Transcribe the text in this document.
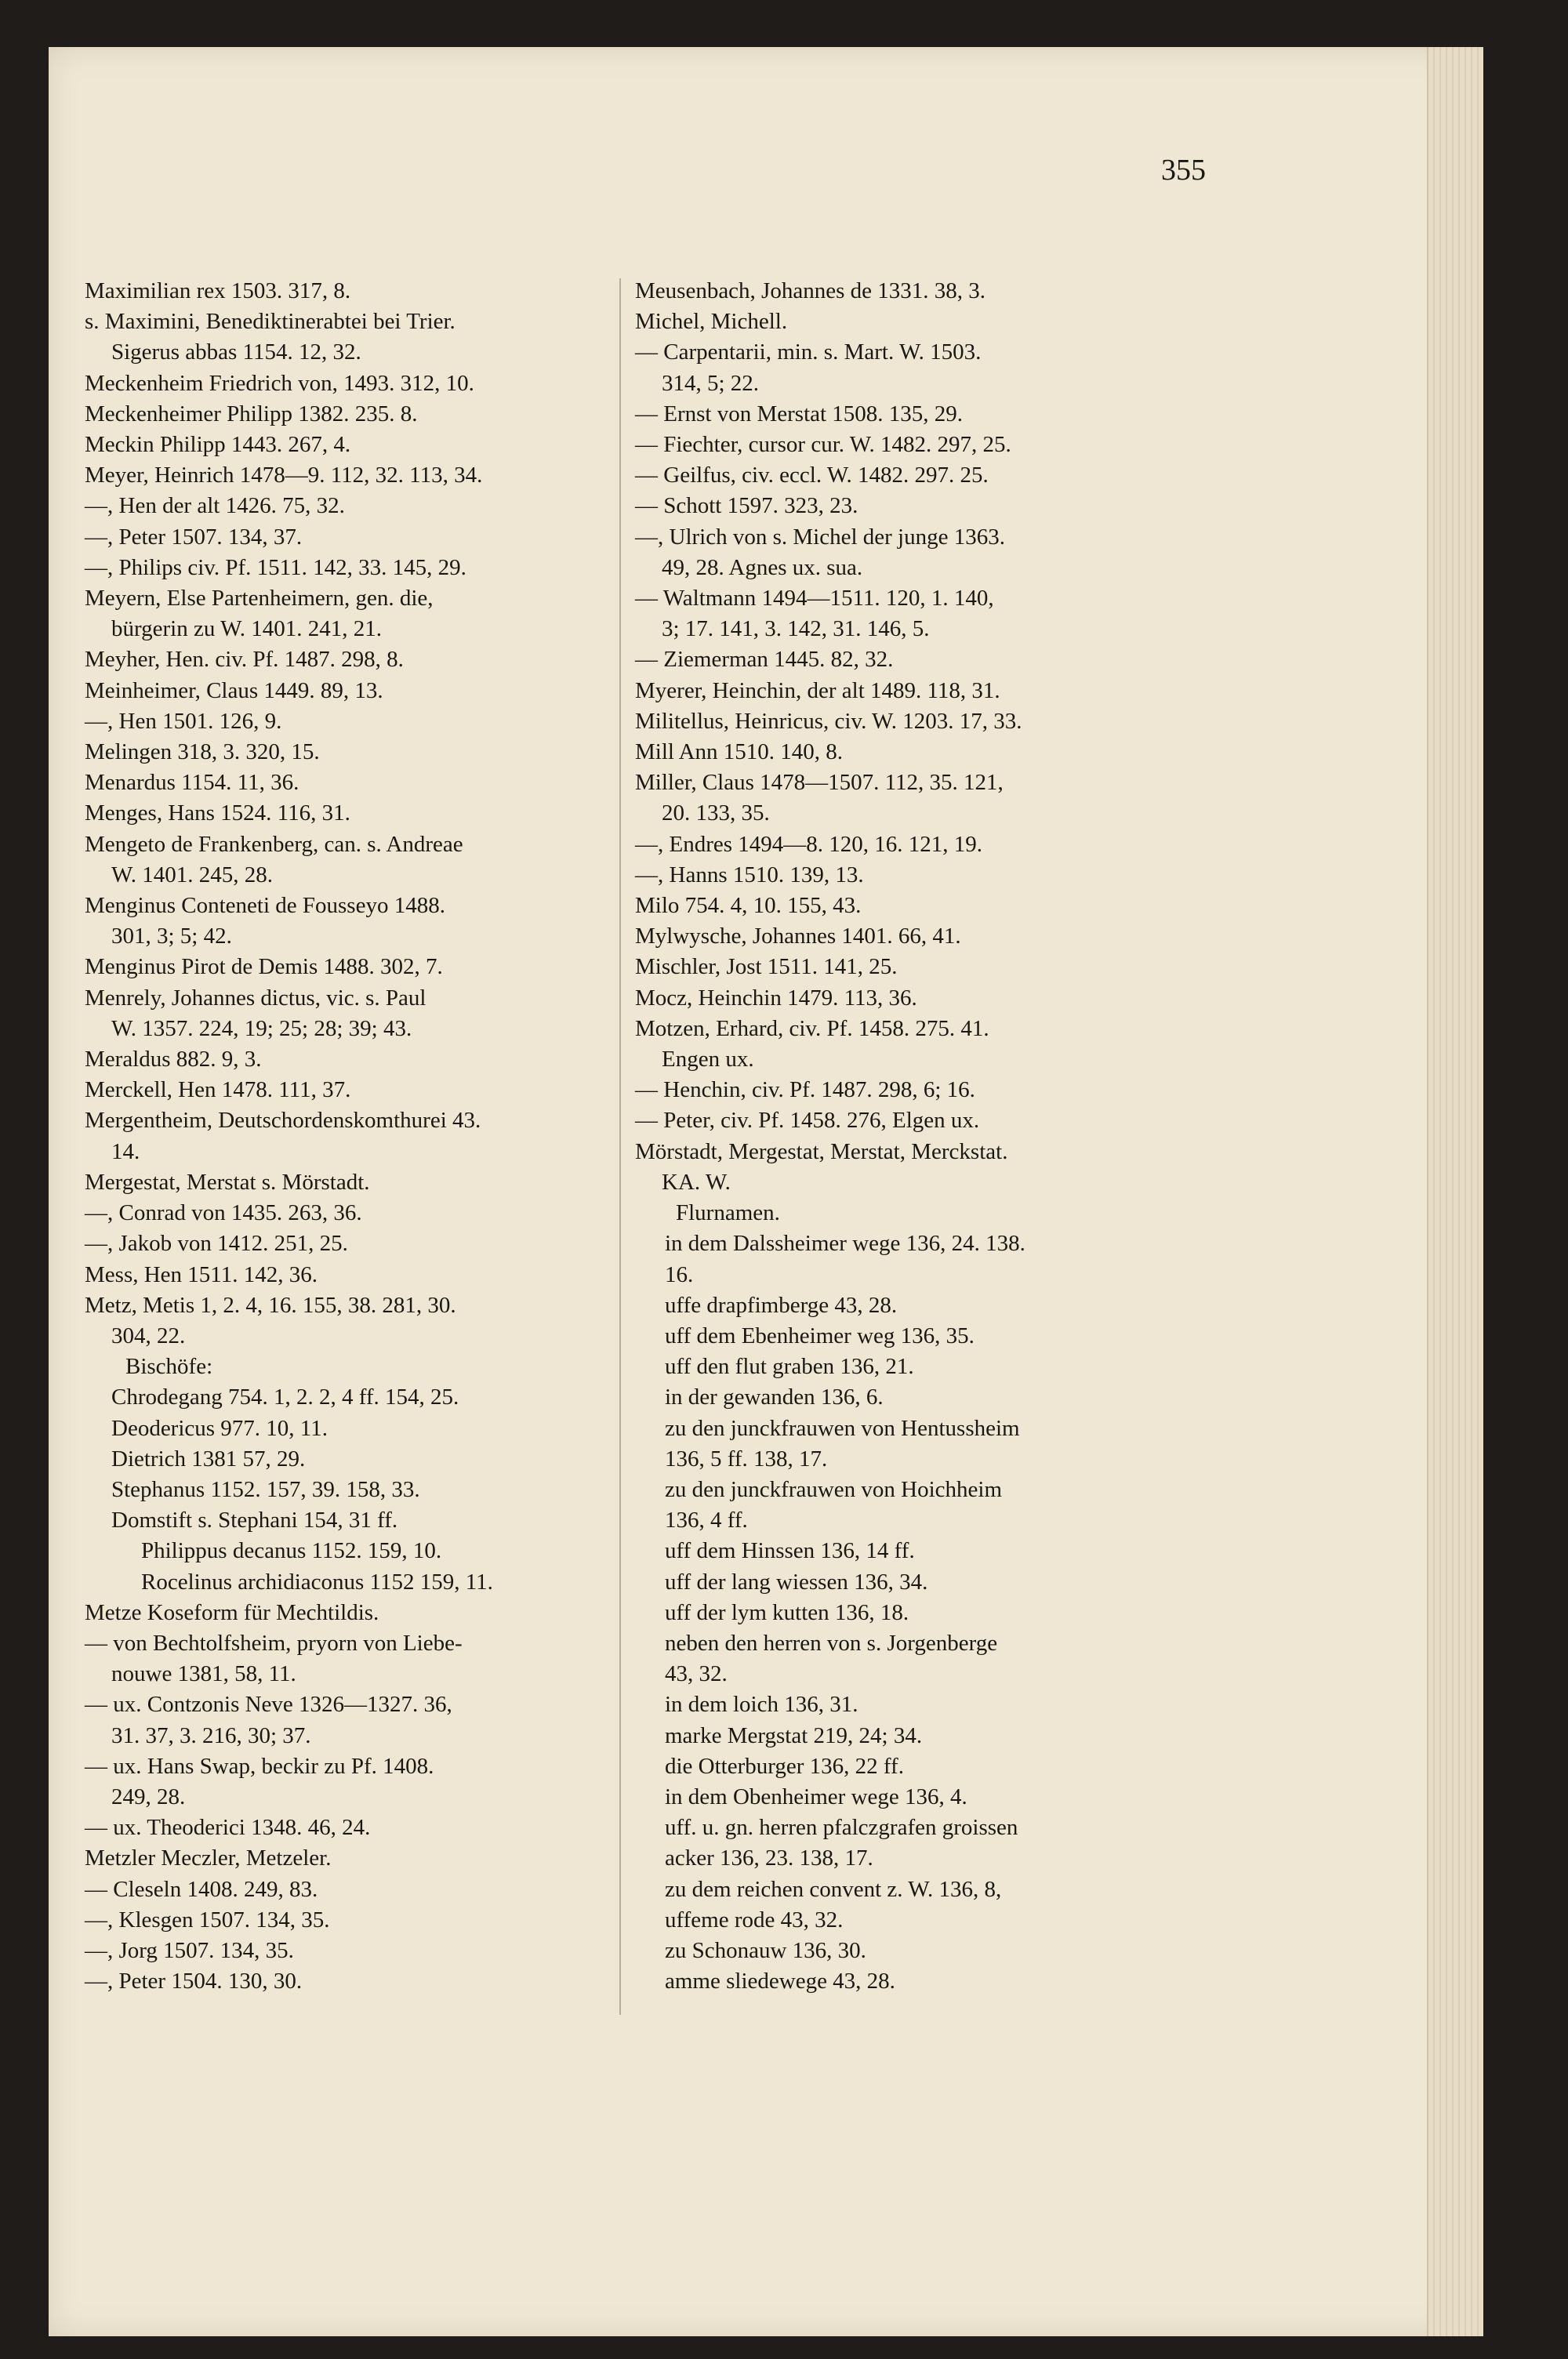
355
Maximilian rex 1503. 317, 8.
s. Maximini, Benediktinerabtei bei Trier.
Sigerus abbas 1154. 12, 32.
Meckenheim Friedrich von, 1493. 312, 10.
Meckenheimer Philipp 1382. 235. 8.
Meckin Philipp 1443. 267, 4.
Meyer, Heinrich 1478—9. 112, 32. 113, 34.
—, Hen der alt 1426. 75, 32.
—, Peter 1507. 134, 37.
—, Philips civ. Pf. 1511. 142, 33. 145, 29.
Meyern, Else Partenheimern, gen. die,
bürgerin zu W. 1401. 241, 21.
Meyher, Hen. civ. Pf. 1487. 298, 8.
Meinheimer, Claus 1449. 89, 13.
—, Hen 1501. 126, 9.
Melingen 318, 3. 320, 15.
Menardus 1154. 11, 36.
Menges, Hans 1524. 116, 31.
Mengeto de Frankenberg, can. s. Andreae
W. 1401. 245, 28.
Menginus Conteneti de Fousseyo 1488.
301, 3; 5; 42.
Menginus Pirot de Demis 1488. 302, 7.
Menrely, Johannes dictus, vic. s. Paul
W. 1357. 224, 19; 25; 28; 39; 43.
Meraldus 882. 9, 3.
Merckell, Hen 1478. 111, 37.
Mergentheim, Deutschordenskomthurei 43.
14.
Mergestat, Merstat s. Mörstadt.
—, Conrad von 1435. 263, 36.
—, Jakob von 1412. 251, 25.
Mess, Hen 1511. 142, 36.
Metz, Metis 1, 2. 4, 16. 155, 38. 281, 30.
304, 22.
Bischöfe:
Chrodegang 754. 1, 2. 2, 4 ff. 154, 25.
Deodericus 977. 10, 11.
Dietrich 1381 57, 29.
Stephanus 1152. 157, 39. 158, 33.
Domstift s. Stephani 154, 31 ff.
Philippus decanus 1152. 159, 10.
Rocelinus archidiaconus 1152 159, 11.
Metze Koseform für Mechtildis.
— von Bechtolfsheim, pryorn von Liebe-
nouwe 1381, 58, 11.
— ux. Contzonis Neve 1326—1327. 36,
31. 37, 3. 216, 30; 37.
— ux. Hans Swap, beckir zu Pf. 1408.
249, 28.
— ux. Theoderici 1348. 46, 24.
Metzler Meczler, Metzeler.
— Cleseln 1408. 249, 83.
—, Klesgen 1507. 134, 35.
—, Jorg 1507. 134, 35.
—, Peter 1504. 130, 30.
Meusenbach, Johannes de 1331. 38, 3.
Michel, Michell.
— Carpentarii, min. s. Mart. W. 1503.
314, 5; 22.
— Ernst von Merstat 1508. 135, 29.
— Fiechter, cursor cur. W. 1482. 297, 25.
— Geilfus, civ. eccl. W. 1482. 297. 25.
— Schott 1597. 323, 23.
—, Ulrich von s. Michel der junge 1363.
49, 28. Agnes ux. sua.
— Waltmann 1494—1511. 120, 1. 140,
3; 17. 141, 3. 142, 31. 146, 5.
— Ziemerman 1445. 82, 32.
Myerer, Heinchin, der alt 1489. 118, 31.
Militellus, Heinricus, civ. W. 1203. 17, 33.
Mill Ann 1510. 140, 8.
Miller, Claus 1478—1507. 112, 35. 121,
20. 133, 35.
—, Endres 1494—8. 120, 16. 121, 19.
—, Hanns 1510. 139, 13.
Milo 754. 4, 10. 155, 43.
Mylwysche, Johannes 1401. 66, 41.
Mischler, Jost 1511. 141, 25.
Mocz, Heinchin 1479. 113, 36.
Motzen, Erhard, civ. Pf. 1458. 275. 41.
Engen ux.
— Henchin, civ. Pf. 1487. 298, 6; 16.
— Peter, civ. Pf. 1458. 276, Elgen ux.
Mörstadt, Mergestat, Merstat, Merckstat.
KA. W.
Flurnamen.
in dem Dalssheimer wege 136, 24. 138.
16.
uffe drapfimberge 43, 28.
uff dem Ebenheimer weg 136, 35.
uff den flut graben 136, 21.
in der gewanden 136, 6.
zu den junckfrauwen von Hentussheim
136, 5 ff. 138, 17.
zu den junckfrauwen von Hoichheim
136, 4 ff.
uff dem Hinssen 136, 14 ff.
uff der lang wiessen 136, 34.
uff der lym kutten 136, 18.
neben den herren von s. Jorgenberge
43, 32.
in dem loich 136, 31.
marke Mergstat 219, 24; 34.
die Otterburger 136, 22 ff.
in dem Obenheimer wege 136, 4.
uff. u. gn. herren pfalczgrafen groissen
acker 136, 23. 138, 17.
zu dem reichen convent z. W. 136, 8,
uffeme rode 43, 32.
zu Schonauw 136, 30.
amme sliedewege 43, 28.
